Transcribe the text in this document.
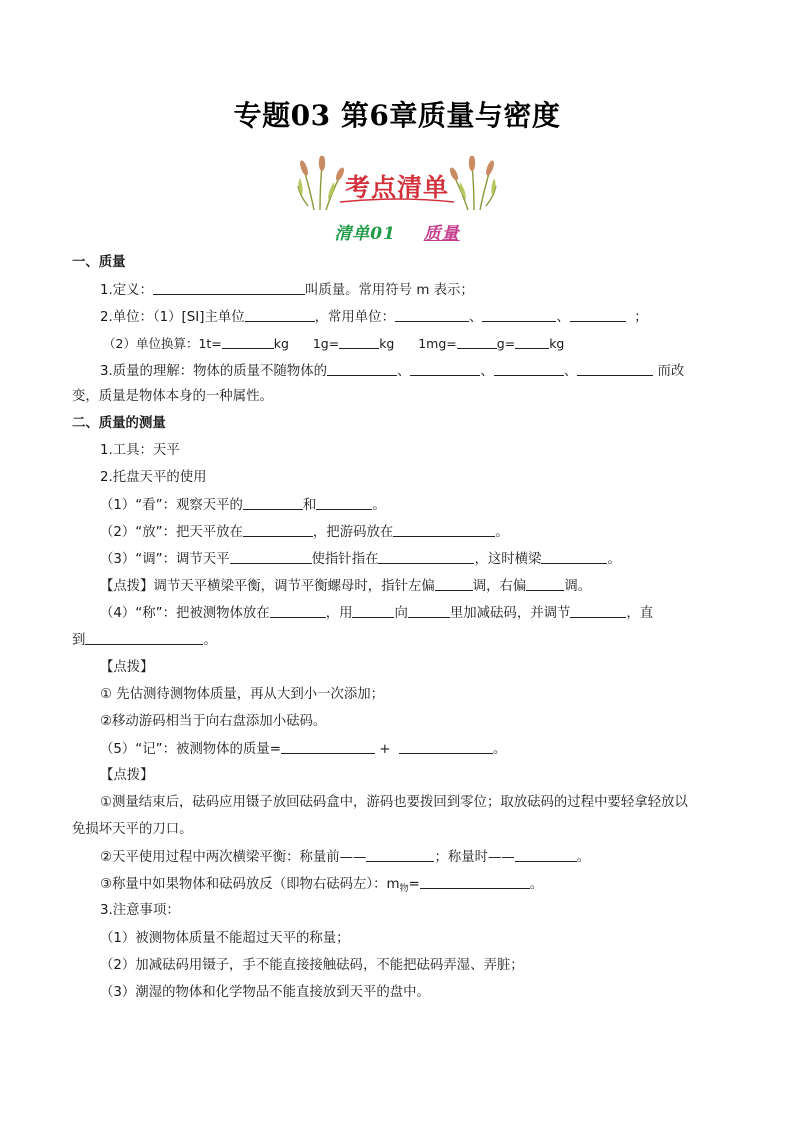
专题03 第6章质量与密度
考点清单
清单01 质量
一、质量
1.定义：	叫质量。常用符号 m 表示；
2.单位：（1）[SI]主单位	，常用单位：	、	、	；
（2）单位换算：1t=	kg 1g=	kg 1mg=	g=	kg
3.质量的理解：物体的质量不随物体的	、	、	、	而改
变，质量是物体本身的一种属性。
二、质量的测量
1.工具：天平
2.托盘天平的使用
（1）“看”：观察天平的	和	。
（2）“放”：把天平放在	，把游码放在	。
（3）“调”：调节天平	使指针指在	，这时横梁	。
【点拨】调节天平横梁平衡，调节平衡螺母时，指针左偏	调，右偏	调。
（4）“称”：把被测物体放在	，用	向	里加减砝码，并调节	，直
到	。
【点拨】
① 先估测待测物体质量，再从大到小一次添加；
②移动游码相当于向右盘添加小砝码。
（5）“记”：被测物体的质量=	+	。
【点拨】
①测量结束后，砝码应用镊子放回砝码盒中，游码也要拨回到零位；取放砝码的过程中要轻拿轻放以
免损坏天平的刀口。
②天平使用过程中两次横梁平衡：称量前——	；称量时——	。
③称量中如果物体和砝码放反（即物右砝码左）：$m_物=$	。
3.注意事项：
（1）被测物体质量不能超过天平的称量；
（2）加减砝码用镊子，手不能直接接触砝码，不能把砝码弄湿、弄脏；
（3）潮湿的物体和化学物品不能直接放到天平的盘中。
